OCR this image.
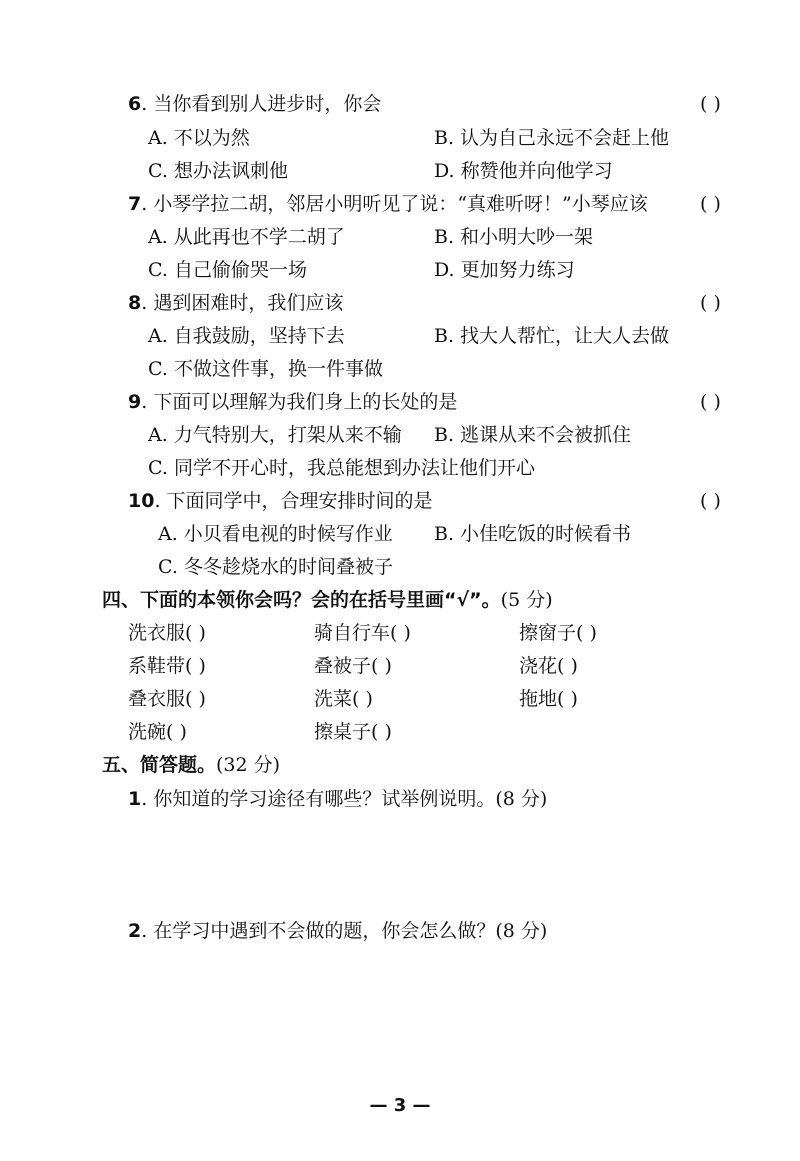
6. 当你看到别人进步时，你会	( )
A. 不以为然	B. 认为自己永远不会赶上他
C. 想办法讽刺他	D. 称赞他并向他学习
7. 小琴学拉二胡，邻居小明听见了说：“真难听呀！”小琴应该	( )
A. 从此再也不学二胡了	B. 和小明大吵一架
C. 自己偷偷哭一场	D. 更加努力练习
8. 遇到困难时，我们应该	( )
A. 自我鼓励，坚持下去	B. 找大人帮忙，让大人去做
C. 不做这件事，换一件事做
9. 下面可以理解为我们身上的长处的是	( )
A. 力气特别大，打架从来不输 B. 逃课从来不会被抓住
C. 同学不开心时，我总能想到办法让他们开心
10. 下面同学中，合理安排时间的是	( )
A. 小贝看电视的时候写作业 B. 小佳吃饭的时候看书
C. 冬冬趁烧水的时间叠被子
四、下面的本领你会吗？会的在括号里画“√”。(5 分)
洗衣服( )	骑自行车( )	擦窗子( )
系鞋带( )	叠被子( )	浇花( )
叠衣服( )	洗菜( )	拖地( )
洗碗( )	擦桌子( )
五、简答题。(32 分)
1. 你知道的学习途径有哪些？试举例说明。(8 分)
2. 在学习中遇到不会做的题，你会怎么做？(8 分)
— 3 —
